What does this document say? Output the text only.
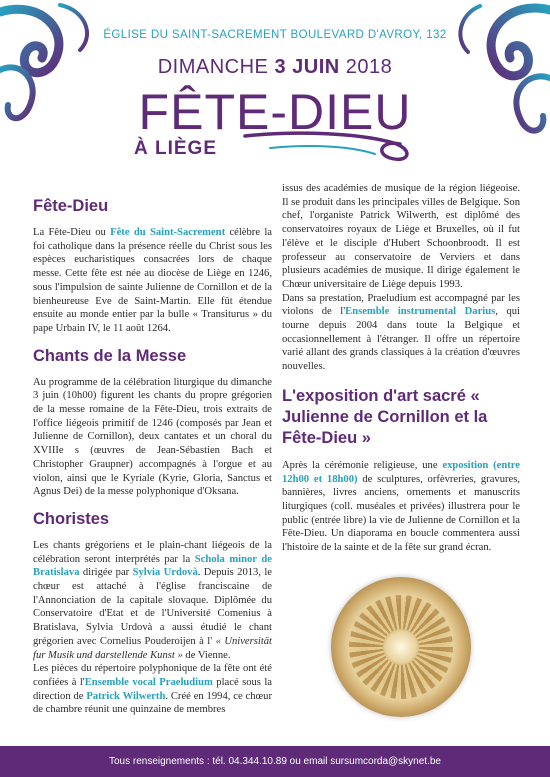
ÉGLISE DU SAINT-SACREMENT BOULEVARD D'AVROY, 132
DIMANCHE 3 JUIN 2018
FÊTE-DIEU
À LIÈGE
Fête-Dieu

La Fête-Dieu ou Fête du Saint-Sacrement célèbre la foi catholique dans la présence réelle du Christ sous les espèces eucharistiques consacrées lors de chaque messe. Cette fête est née au diocèse de Liège en 1246, sous l'impulsion de sainte Julienne de Cornillon et de la bienheureuse Eve de Saint-Martin. Elle fût étendue ensuite au monde entier par la bulle « Transiturus » du pape Urbain IV, le 11 août 1264.

Chants de la Messe

Au programme de la célébration liturgique du dimanche 3 juin (10h00) figurent les chants du propre grégorien de la messe romaine de la Fête-Dieu, trois extraits de l'office liégeois primitif de 1246 (composés par Jean et Julienne de Cornillon), deux cantates et un choral du XVIIIe s (œuvres de Jean-Sébastien Bach et Christopher Graupner) accompagnés à l'orgue et au violon, ainsi que le Kyriale (Kyrie, Gloria, Sanctus et Agnus Dei) de la messe polyphonique d'Oksana.

Choristes

Les chants grégoriens et le plain-chant liégeois de la célébration seront interprétés par la Schola minor de Bratislava dirigée par Sylvia Urdovà. Depuis 2013, le chœur est attaché à l'église franciscaine de l'Annonciation de la capitale slovaque. Diplômée du Conservatoire d'Etat et de l'Université Comenius à Bratislava, Sylvia Urdovà a aussi étudié le chant grégorien avec Cornelius Pouderoijen à l' « Universität fur Musik und darstellende Kunst » de Vienne.

Les pièces du répertoire polyphonique de la fête ont été confiées à l'Ensemble vocal Praeludium placé sous la direction de Patrick Wilwerth. Créé en 1994, ce chœur de chambre réunit une quinzaine de membres

issus des académies de musique de la région liégeoise. Il se produit dans les principales villes de Belgique. Son chef, l'organiste Patrick Wilwerth, est diplômé des conservatoires royaux de Liège et Bruxelles, où il fut l'élève et le disciple d'Hubert Schoonbroodt. Il est professeur au conservatoire de Verviers et dans plusieurs académies de musique. Il dirige également le Chœur universitaire de Liège depuis 1993.

Dans sa prestation, Praeludium est accompagné par les violons de l'Ensemble instrumental Darius, qui tourne depuis 2004 dans toute la Belgique et occasionnellement à l'étranger. Il offre un répertoire varié allant des grands classiques à la création d'œuvres nouvelles.

L'exposition d'art sacré « Julienne de Cornillon et la Fête-Dieu »

Après la cérémonie religieuse, une exposition (entre 12h00 et 18h00) de sculptures, orfèvreries, gravures, bannières, livres anciens, ornements et manuscrits liturgiques (coll. muséales et privées) illustrera pour le public (entrée libre) la vie de Julienne de Cornillon et la Fête-Dieu. Un diaporama en boucle commentera aussi l'histoire de la sainte et de la fête sur grand écran.

Tous renseignements : tél. 04.344.10.89 ou email sursumcorda@skynet.be
